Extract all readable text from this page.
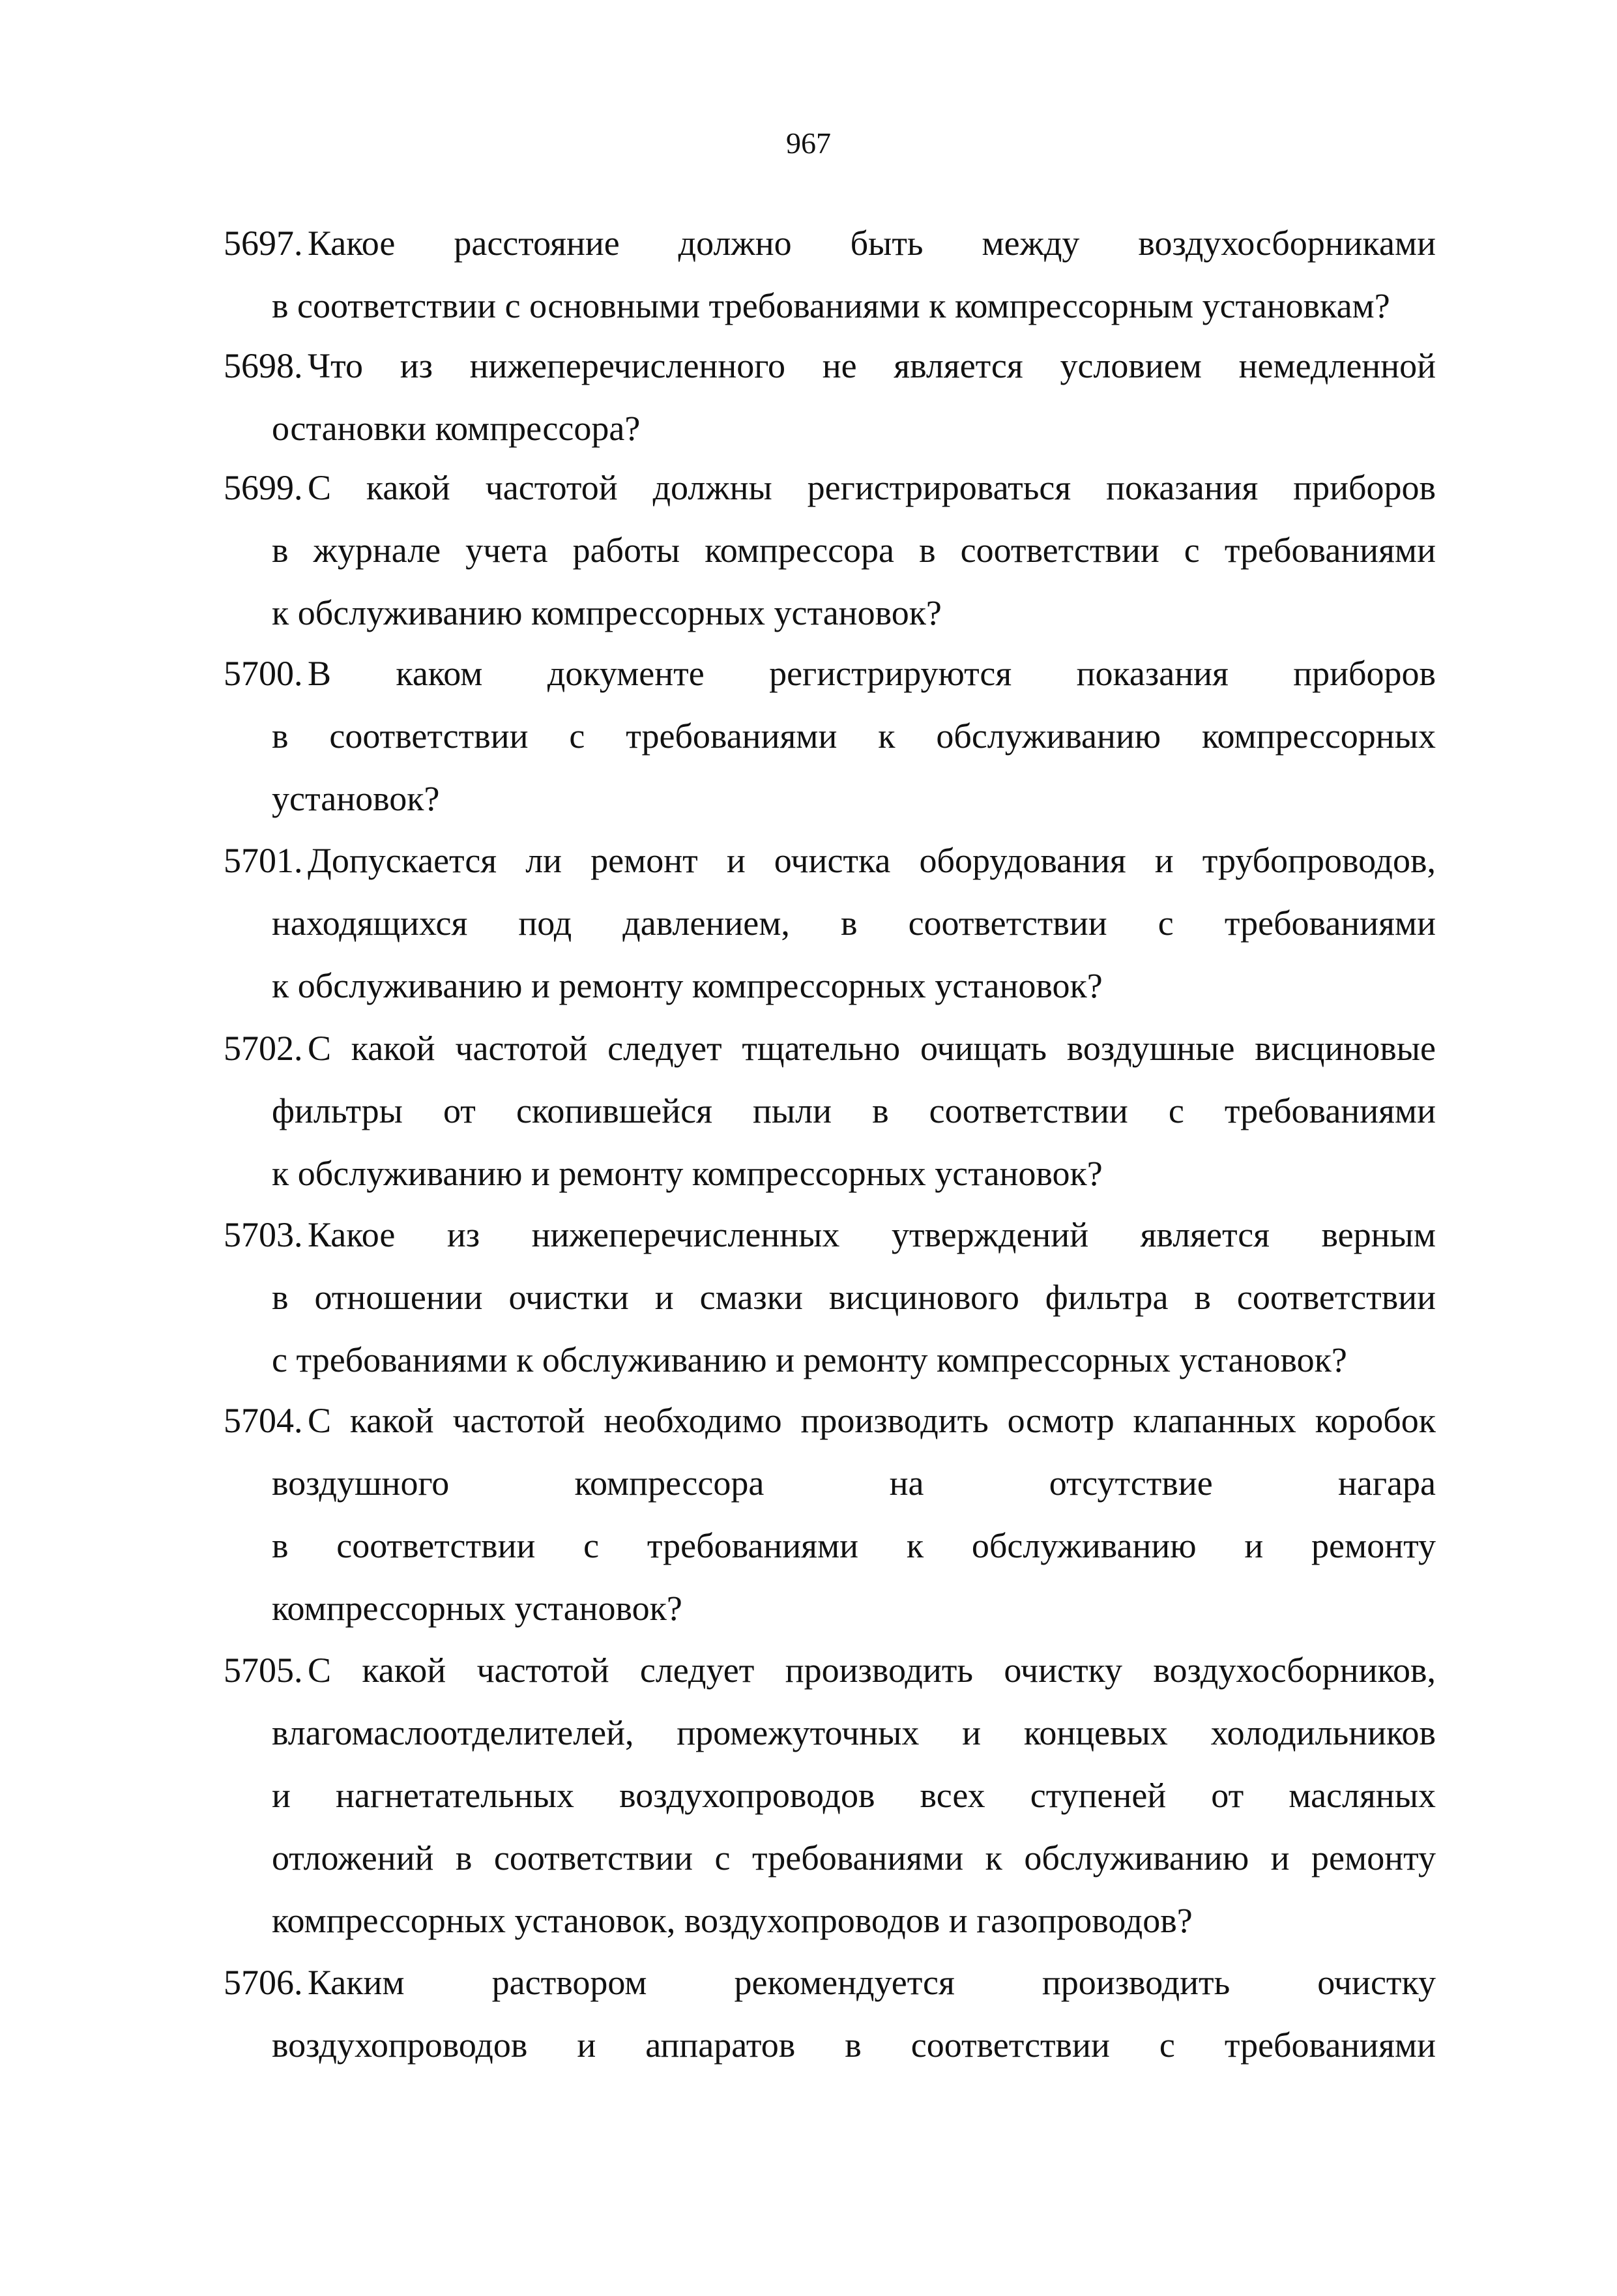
967
5697. Какое расстояние должно быть между воздухосборниками
в соответствии с основными требованиями к компрессорным установкам?
5698. Что из нижеперечисленного не является условием немедленной
остановки компрессора?
5699. С какой частотой должны регистрироваться показания приборов
в журнале учета работы компрессора в соответствии с требованиями
к обслуживанию компрессорных установок?
5700. В каком документе регистрируются показания приборов
в соответствии с требованиями к обслуживанию компрессорных
установок?
5701. Допускается ли ремонт и очистка оборудования и трубопроводов,
находящихся под давлением, в соответствии с требованиями
к обслуживанию и ремонту компрессорных установок?
5702. С какой частотой следует тщательно очищать воздушные висциновые
фильтры от скопившейся пыли в соответствии с требованиями
к обслуживанию и ремонту компрессорных установок?
5703. Какое из нижеперечисленных утверждений является верным
в отношении очистки и смазки висцинового фильтра в соответствии
с требованиями к обслуживанию и ремонту компрессорных установок?
5704. С какой частотой необходимо производить осмотр клапанных коробок
воздушного компрессора на отсутствие нагара
в соответствии с требованиями к обслуживанию и ремонту
компрессорных установок?
5705. С какой частотой следует производить очистку воздухосборников,
влагомаслоотделителей, промежуточных и концевых холодильников
и нагнетательных воздухопроводов всех ступеней от масляных
отложений в соответствии с требованиями к обслуживанию и ремонту
компрессорных установок, воздухопроводов и газопроводов?
5706. Каким раствором рекомендуется производить очистку
воздухопроводов и аппаратов в соответствии с требованиями
